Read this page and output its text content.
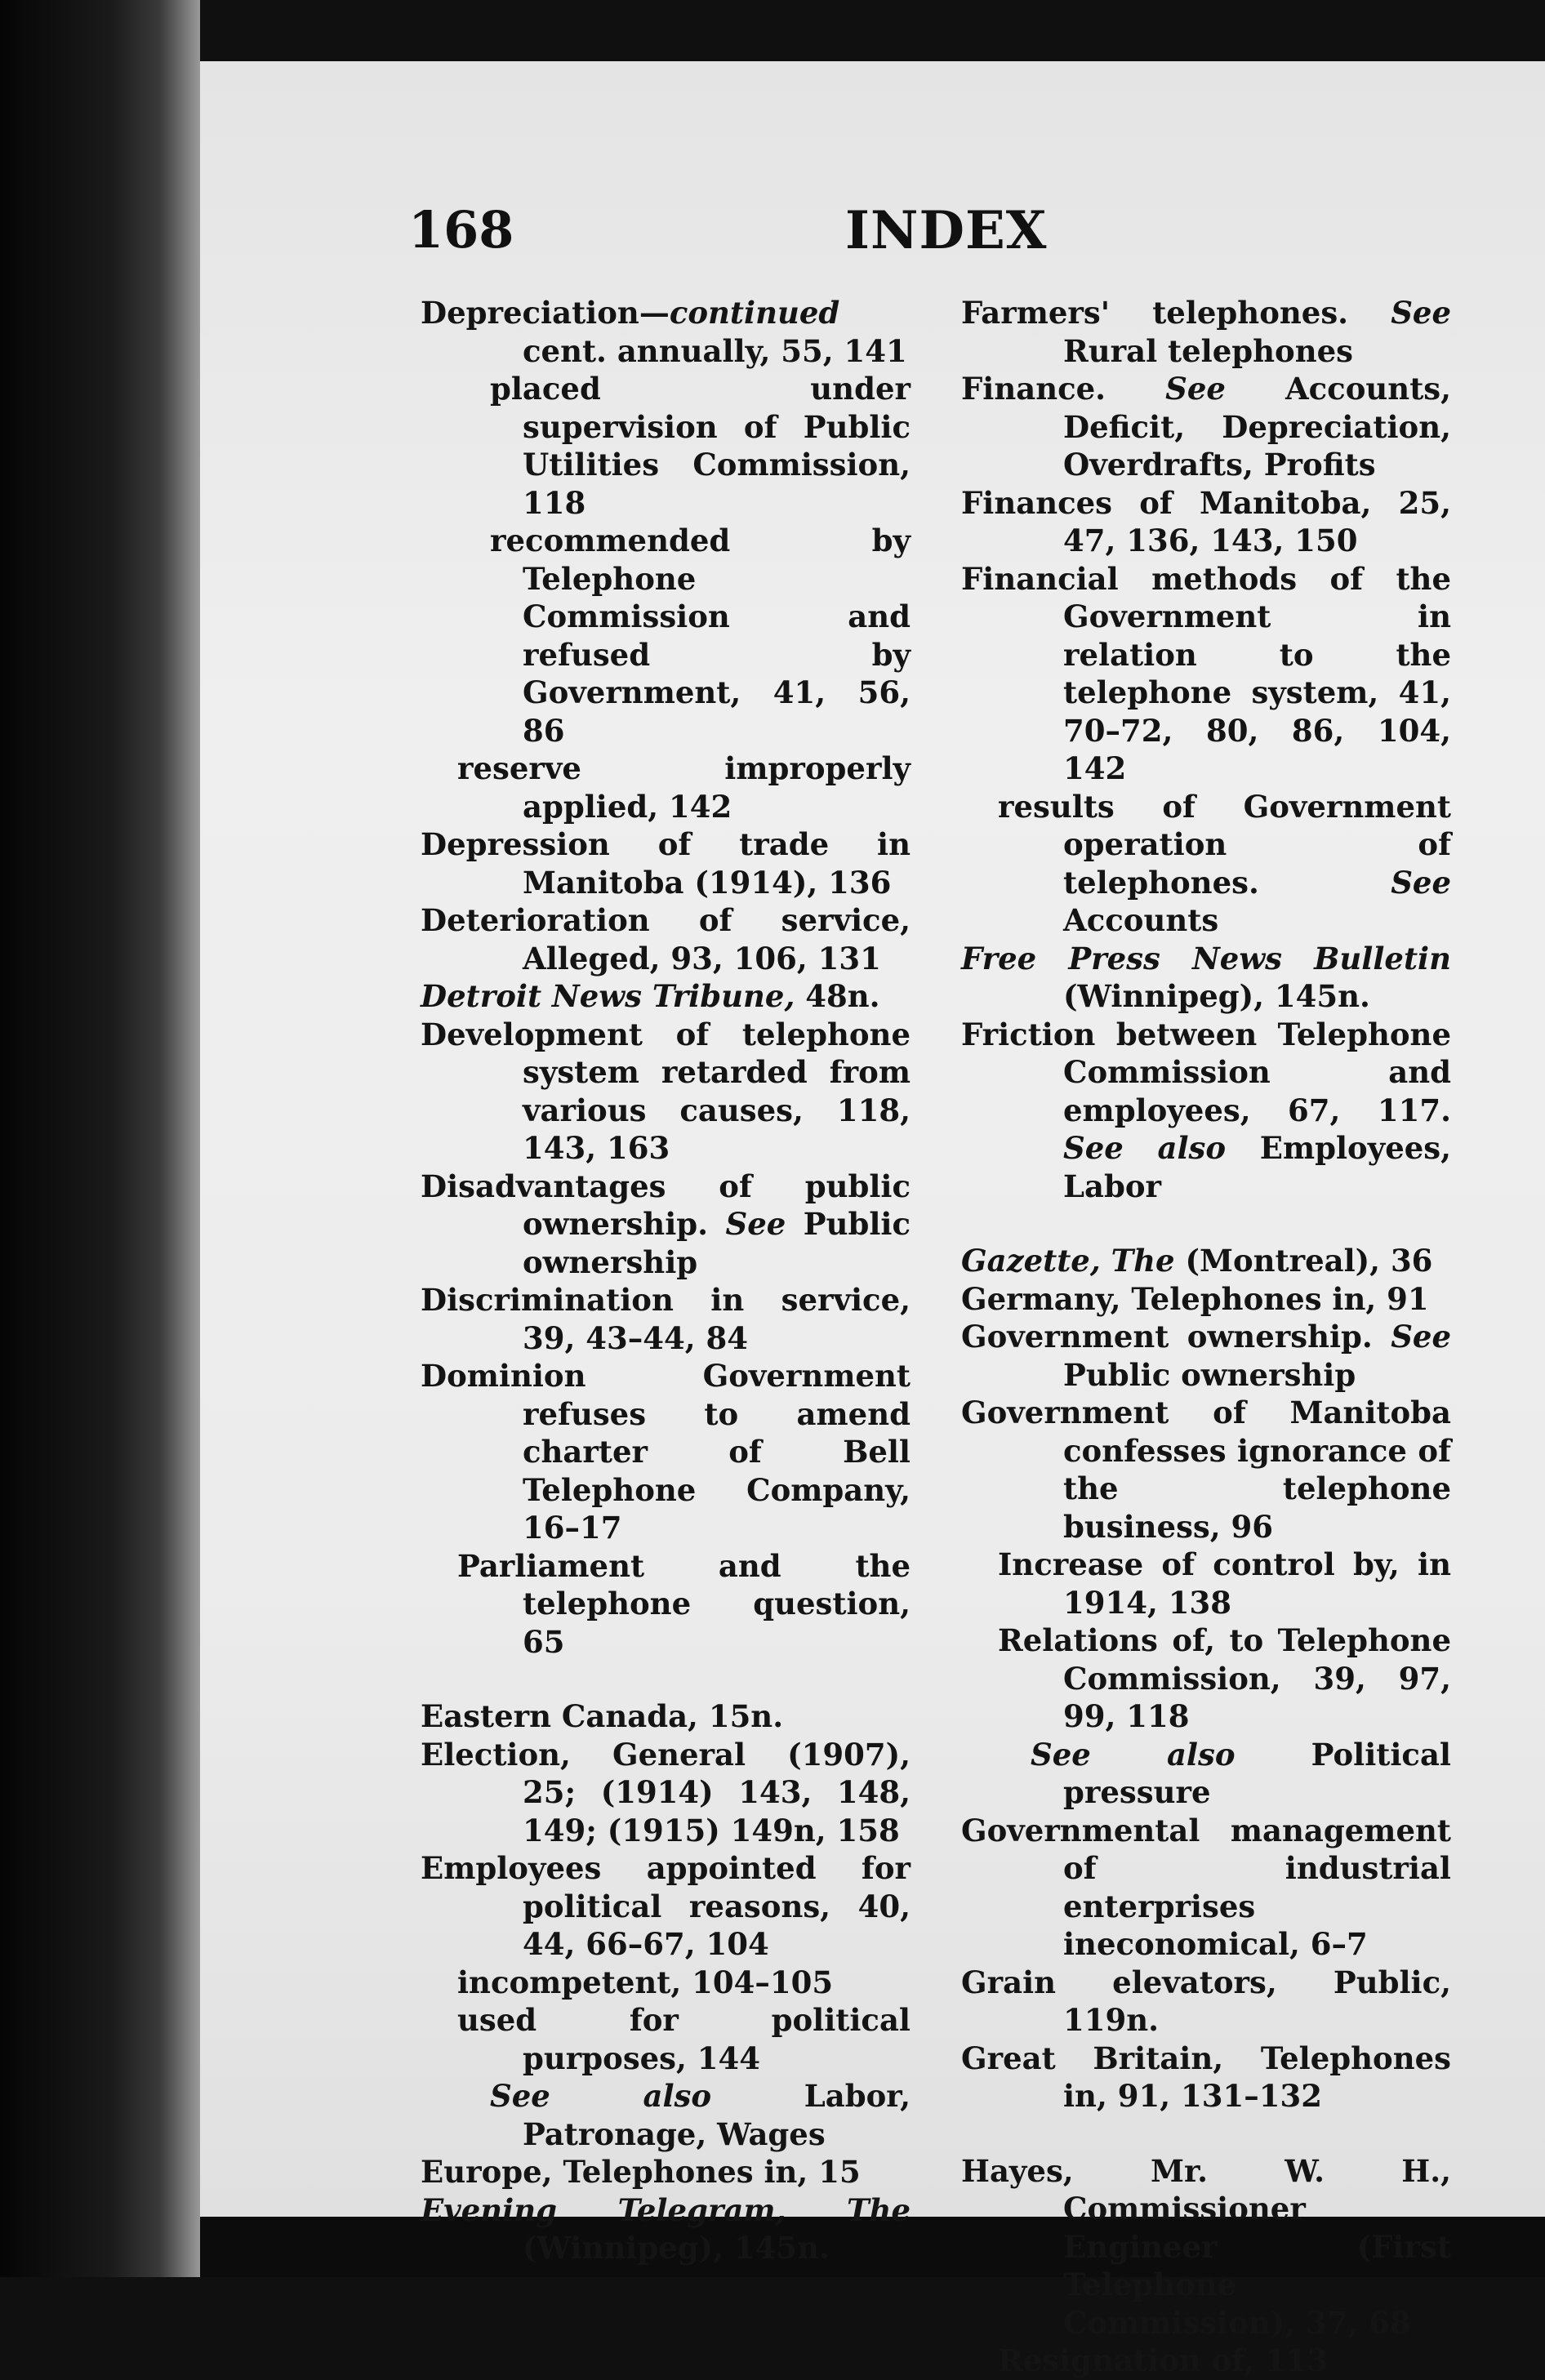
168	INDEX

Depreciation—continued

cent. annually, 55, 141

placed under supervision of Public Utilities Commission, 118

recommended by Telephone Commission and refused by Government, 41, 56, 86

reserve improperly applied, 142

Depression of trade in Manitoba (1914), 136

Deterioration of service, Alleged, 93, 106, 131

Detroit News Tribune, 48n.

Development of telephone system retarded from various causes, 118, 143, 163

Disadvantages of public ownership. See Public ownership

Discrimination in service, 39, 43–44, 84

Dominion Government refuses to amend charter of Bell Telephone Company, 16–17

Parliament and the telephone question, 65

Eastern Canada, 15n.

Election, General (1907), 25; (1914) 143, 148, 149; (1915) 149n, 158

Employees appointed for political reasons, 40, 44, 66–67, 104

incompetent, 104–105

used for political purposes, 144

See also Labor, Patronage, Wages

Europe, Telephones in, 15

Evening Telegram, The (Winnipeg), 145n.

Farmers' telephones. See Rural telephones

Finance. See Accounts, Deficit, Depreciation, Overdrafts, Profits

Finances of Manitoba, 25, 47, 136, 143, 150

Financial methods of the Government in relation to the telephone system, 41, 70–72, 80, 86, 104, 142

results of Government operation of telephones. See Accounts

Free Press News Bulletin (Winnipeg), 145n.

Friction between Telephone Commission and employees, 67, 117. See also Employees, Labor

Gazette, The (Montreal), 36

Germany, Telephones in, 91

Government ownership. See Public ownership

Government of Manitoba confesses ignorance of the telephone business, 96

Increase of control by, in 1914, 138

Relations of, to Telephone Commission, 39, 97, 99, 118

See also Political pressure

Governmental management of industrial enterprises ineconomical, 6–7

Grain elevators, Public, 119n.

Great Britain, Telephones in, 91, 131–132

Hayes, Mr. W. H., Commissioner Engineer (First Telephone Commission), 37, 68

Resignation of, 113
